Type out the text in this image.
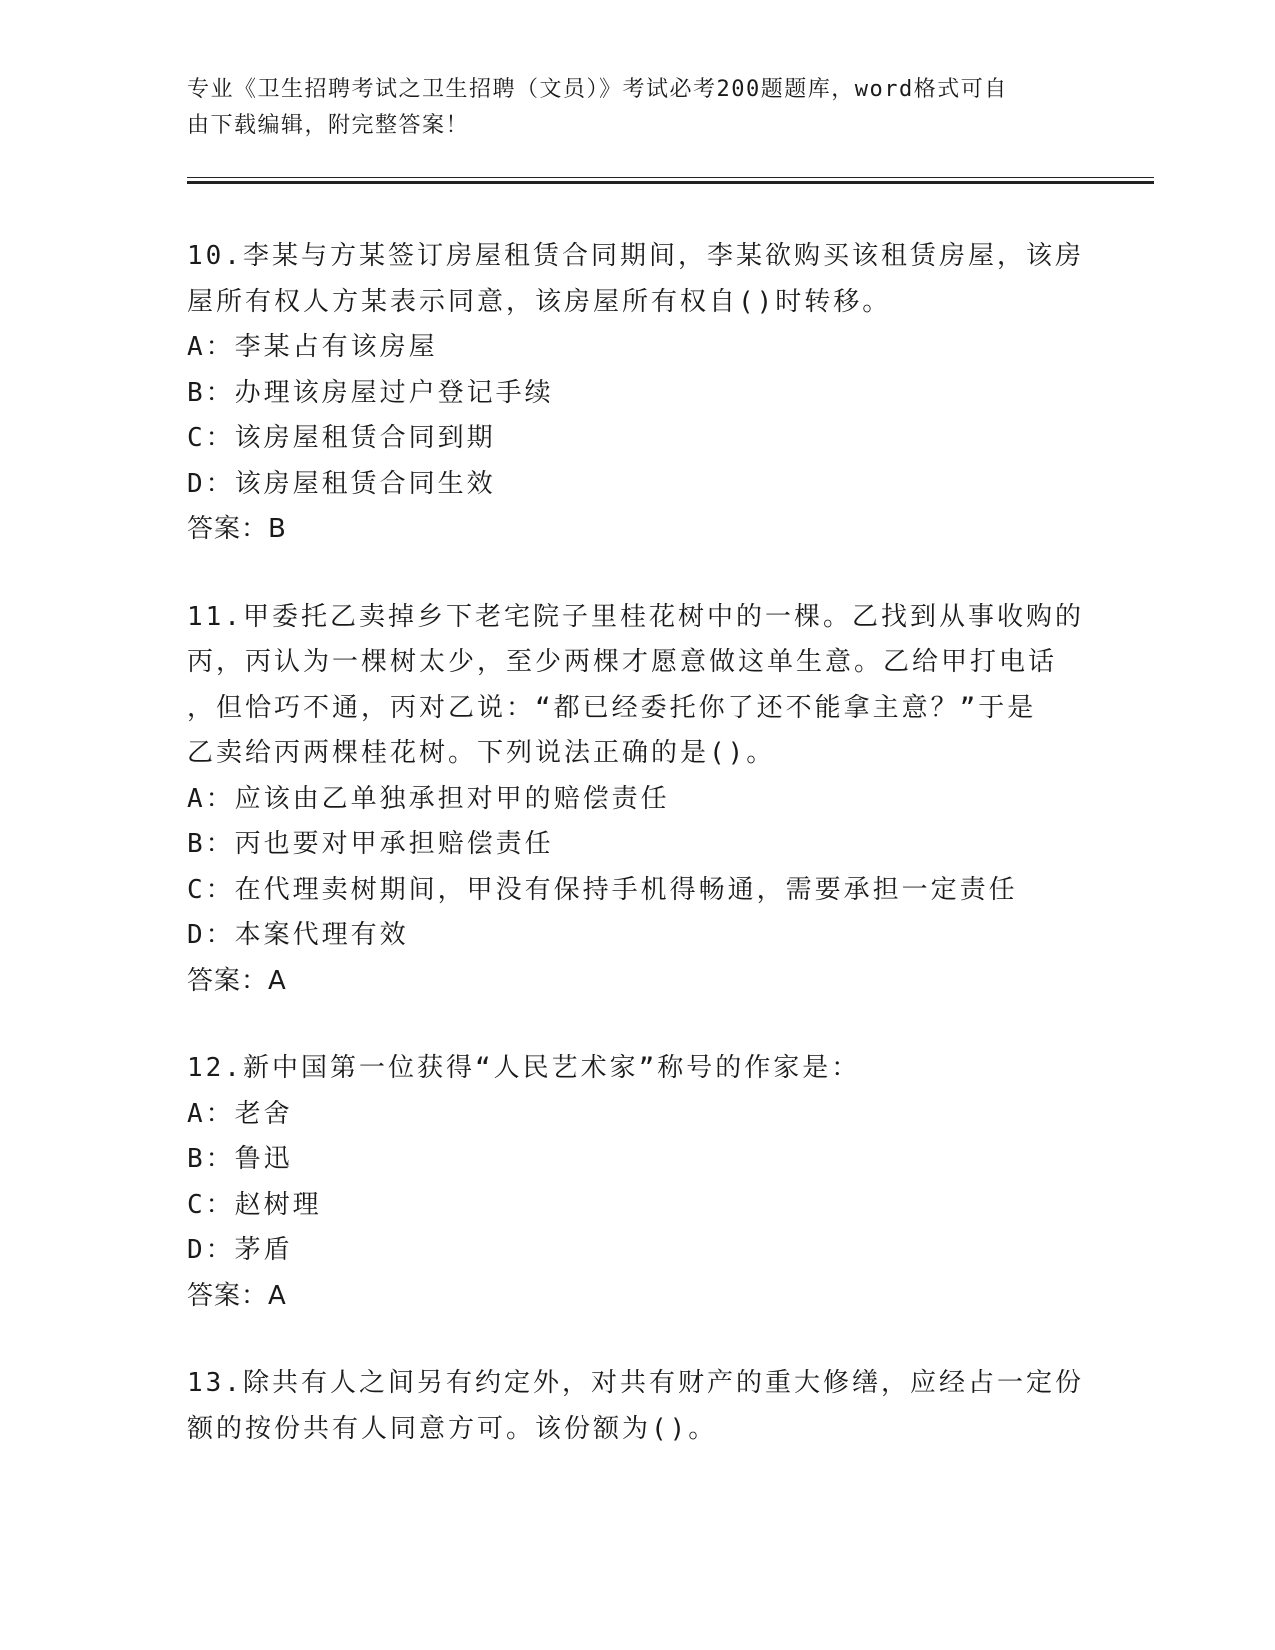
专业《卫生招聘考试之卫生招聘（文员）》考试必考200题题库，word格式可自
由下载编辑，附完整答案！
10.李某与方某签订房屋租赁合同期间，李某欲购买该租赁房屋，该房
屋所有权人方某表示同意，该房屋所有权自()时转移。
A：李某占有该房屋
B：办理该房屋过户登记手续
C：该房屋租赁合同到期
D：该房屋租赁合同生效
答案：B
11.甲委托乙卖掉乡下老宅院子里桂花树中的一棵。乙找到从事收购的
丙，丙认为一棵树太少，至少两棵才愿意做这单生意。乙给甲打电话
，但恰巧不通，丙对乙说：“都已经委托你了还不能拿主意？”于是
乙卖给丙两棵桂花树。下列说法正确的是()。
A：应该由乙单独承担对甲的赔偿责任
B：丙也要对甲承担赔偿责任
C：在代理卖树期间，甲没有保持手机得畅通，需要承担一定责任
D：本案代理有效
答案：A
12.新中国第一位获得“人民艺术家”称号的作家是：
A：老舍
B：鲁迅
C：赵树理
D：茅盾
答案：A
13.除共有人之间另有约定外，对共有财产的重大修缮，应经占一定份
额的按份共有人同意方可。该份额为()。
